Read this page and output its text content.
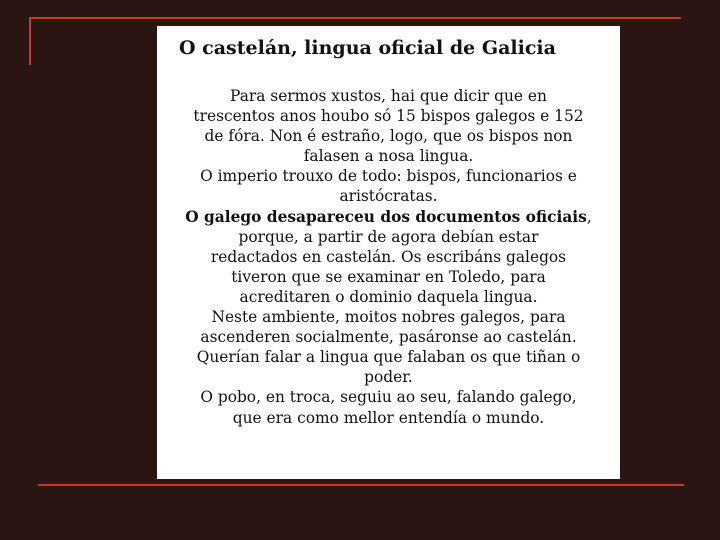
O castelán, lingua oficial de Galicia
Para sermos xustos, hai que dicir que en
trescentos anos houbo só 15 bispos galegos e 152
de fóra. Non é estraño, logo, que os bispos non
falasen a nosa lingua.
O imperio trouxo de todo: bispos, funcionarios e
aristócratas.
O galego desapareceu dos documentos oficiais,
porque, a partir de agora debían estar
redactados en castelán. Os escribáns galegos
tiveron que se examinar en Toledo, para
acreditaren o dominio daquela lingua.
Neste ambiente, moitos nobres galegos, para
ascenderen socialmente, pasáronse ao castelán.
Querían falar a lingua que falaban os que tiñan o
poder.
O pobo, en troca, seguiu ao seu, falando galego,
que era como mellor entendía o mundo.
